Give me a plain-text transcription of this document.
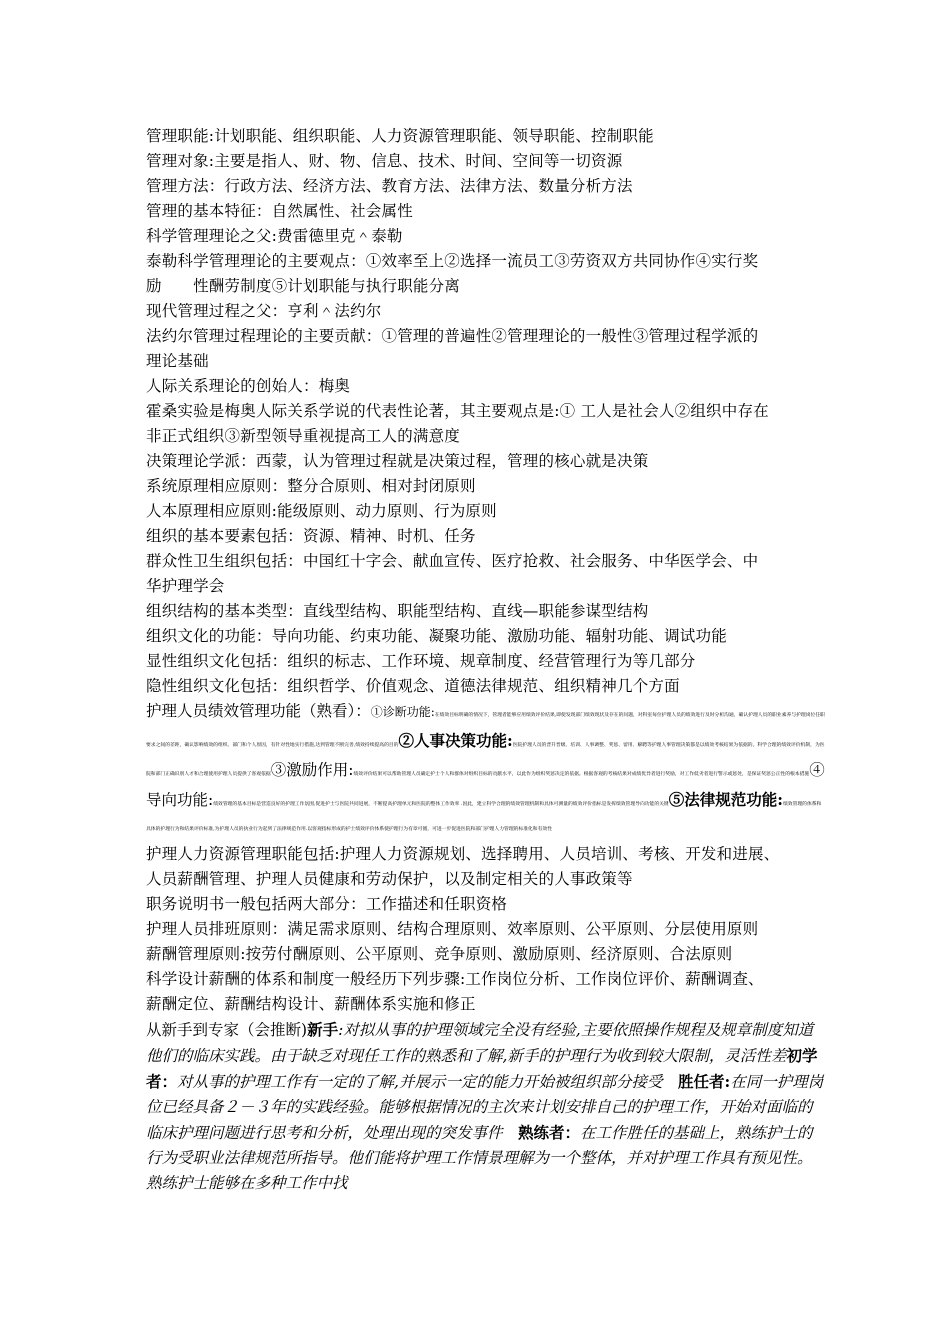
管理职能:计划职能、组织职能、人力资源管理职能、领导职能、控制职能
管理对象:主要是指人、财、物、信息、技术、时间、空间等一切资源
管理方法：行政方法、经济方法、教育方法、法律方法、数量分析方法
管理的基本特征：自然属性、社会属性
科学管理理论之父:费雷德里克＾泰勒
泰勒科学管理理论的主要观点：①效率至上②选择一流员工③劳资双方共同协作④实行奖
励　　性酬劳制度⑤计划职能与执行职能分离
现代管理过程之父：亨利＾法约尔
法约尔管理过程理论的主要贡献：①管理的普遍性②管理理论的一般性③管理过程学派的
理论基础
人际关系理论的创始人：梅奥
霍桑实验是梅奥人际关系学说的代表性论著，其主要观点是:① 工人是社会人②组织中存在
非正式组织③新型领导重视提高工人的满意度
决策理论学派：西蒙，认为管理过程就是决策过程，管理的核心就是决策
系统原理相应原则：整分合原则、相对封闭原则
人本原理相应原则:能级原则、动力原则、行为原则
组织的基本要素包括：资源、精神、时机、任务
群众性卫生组织包括：中国红十字会、献血宣传、医疗抢救、社会服务、中华医学会、中
华护理学会
组织结构的基本类型：直线型结构、职能型结构、直线—职能参谋型结构
组织文化的功能：导向功能、约束功能、凝聚功能、激励功能、辐射功能、调试功能
显性组织文化包括：组织的标志、工作环境、规章制度、经营管理行为等几部分
隐性组织文化包括：组织哲学、价值观念、道德法律规范、组织精神几个方面
护理人员绩效管理功能（熟看）：①诊断功能:在绩效目标明确的情况下，管理者能够应用绩效评价结果,即使发现部门绩效现状及存在的问题，对科室每位护理人员的绩效进行及时分析沟通，确认护理人员的职业素养与护理岗位任职要求之间的差距，确认影响绩效的组织、部门和个人原因，有针对性地实行措施,达到管理不断完善,绩效持续提高的目的②人事决策功能:医院护理人员的晋升晋级、培训、人事调整、奖惩、留用、解聘等护理人事管理决策都是以绩效考核结果为依据的。科学合理的绩效评价机制，为医院和部门正确识别人才和合理使用护理人员提供了客观依据③激励作用:绩效评价结果可以帮助管理人员确定护士个人和群体对组织目标的贡献水平，以此作为组织奖惩决定的依据。根据客观的考核结果对成绩优异者进行奖励，对工作低劣者进行警示或惩处，是保证奖惩公正性的根本措施④导向功能:绩效管理的基本目标是营造良好的护理工作氛围,促进护士与医院共同进展，不断提高护理单元和医院的整体工作效率 .因此，建立科学合理的绩效管理机制和具体可测量的绩效评价指标是发挥绩效管理导向功能的关键⑤法律规范功能:绩效管理的体系和具体的护理行为和结果评价标准,为护理人员的执业行为起到了法律规范作用.以客观指标形成的护士绩效评价体系使护理行为有章可循，可进一步促进医院和部门护理人力管理的标准化和有效性
护理人力资源管理职能包括:护理人力资源规划、选择聘用、人员培训、考核、开发和进展、
人员薪酬管理、护理人员健康和劳动保护，以及制定相关的人事政策等
职务说明书一般包括两大部分：工作描述和任职资格
护理人员排班原则：满足需求原则、结构合理原则、效率原则、公平原则、分层使用原则
薪酬管理原则:按劳付酬原则、公平原则、竞争原则、激励原则、经济原则、合法原则
科学设计薪酬的体系和制度一般经历下列步骤:工作岗位分析、工作岗位评价、薪酬调查、
薪酬定位、薪酬结构设计、薪酬体系实施和修正
从新手到专家（会推断)新手:对拟从事的护理领域完全没有经验,主要依照操作规程及规章制度知道他们的临床实践。由于缺乏对现任工作的熟悉和了解,新手的护理行为收到较大限制，灵活性差初学者：对从事的护理工作有一定的了解,并展示一定的能力开始被组织部分接受　胜任者:在同一护理岗位已经具备２－３年的实践经验。能够根据情况的主次来计划安排自己的护理工作，开始对面临的临床护理问题进行思考和分析，处理出现的突发事件　熟练者：在工作胜任的基础上，熟练护士的行为受职业法律规范所指导。他们能将护理工作情景理解为一个整体，并对护理工作具有预见性。熟练护士能够在多种工作中找
